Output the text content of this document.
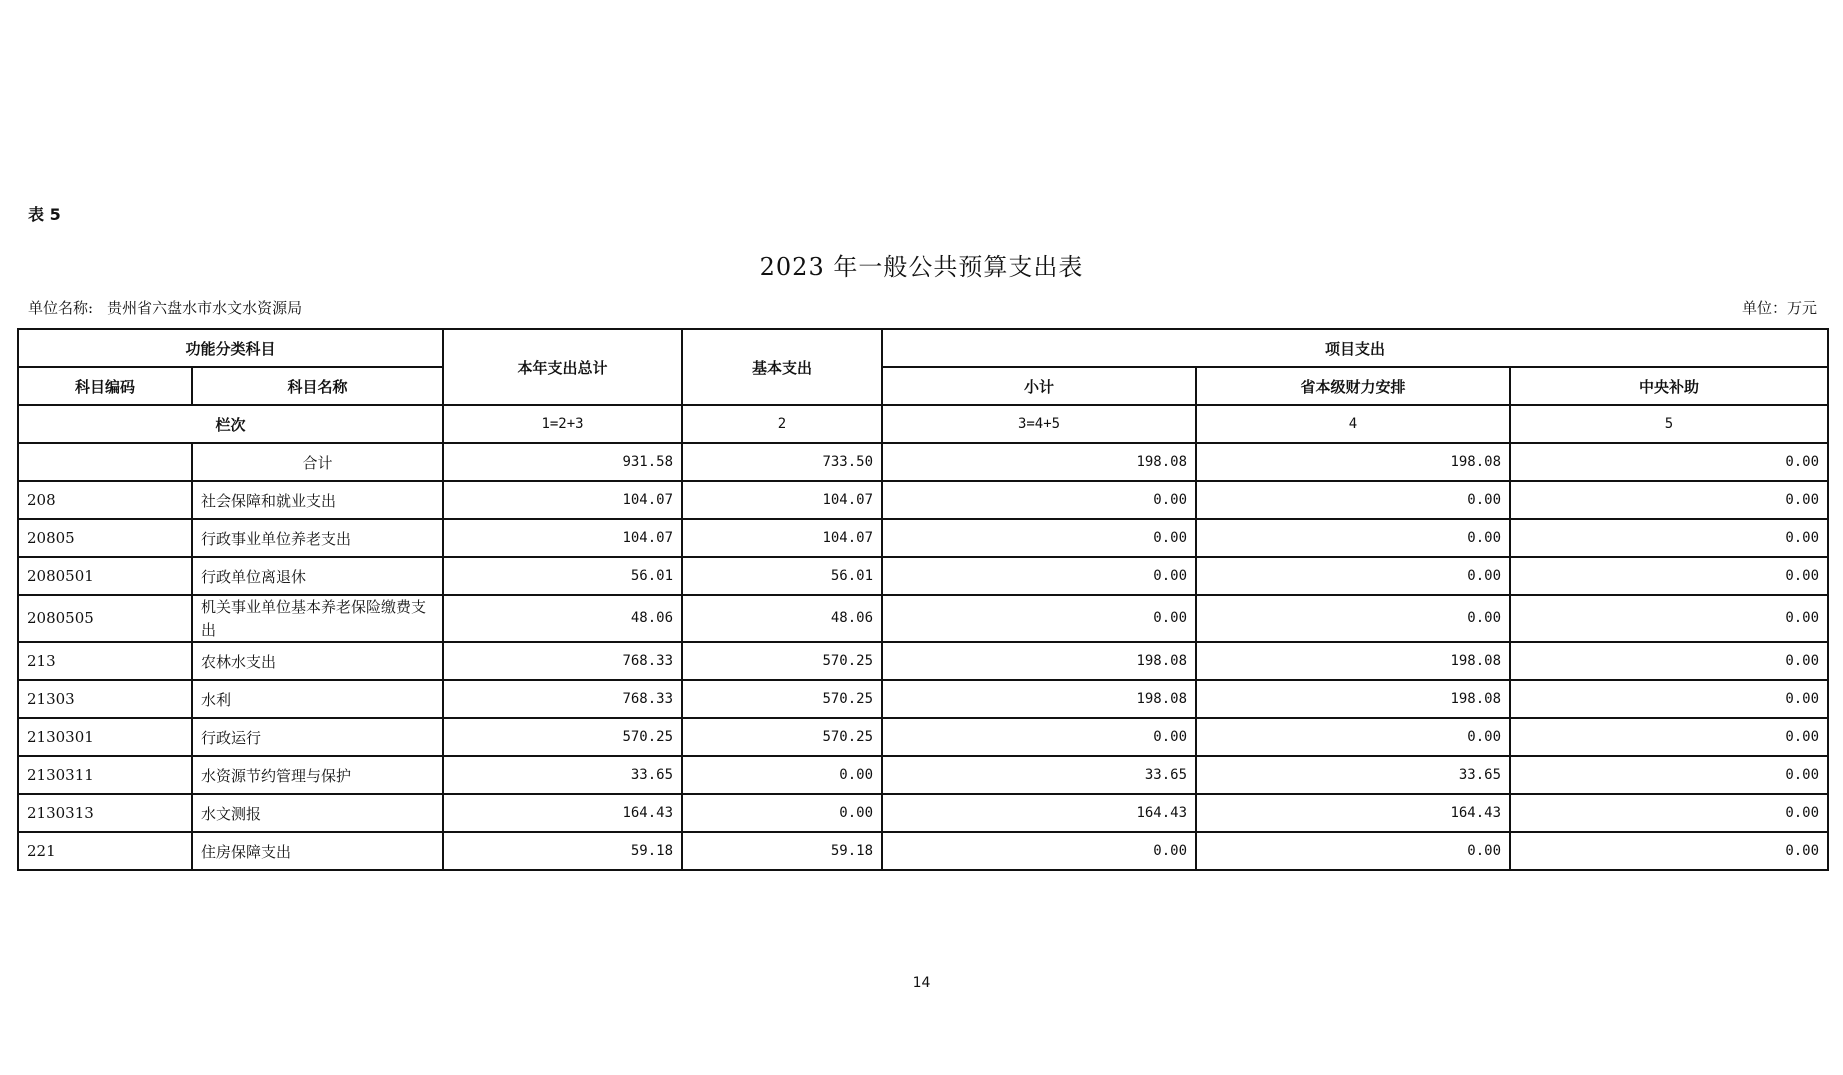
表 5
2023 年一般公共预算支出表
单位名称: 贵州省六盘水市水文水资源局	单位：万元
功能分类科目		本年支出总计	基本支出	项目支出		
科目编码	科目名称			小计	省本级财力安排	中央补助
栏次		1=2+3	2	3=4+5	4	5
	合计	931.58	733.50	198.08	198.08	0.00
208	社会保障和就业支出	104.07	104.07	0.00	0.00	0.00
20805	行政事业单位养老支出	104.07	104.07	0.00	0.00	0.00
2080501	行政单位离退休	56.01	56.01	0.00	0.00	0.00
2080505	机关事业单位基本养老保险缴费支出	48.06	48.06	0.00	0.00	0.00
213	农林水支出	768.33	570.25	198.08	198.08	0.00
21303	水利	768.33	570.25	198.08	198.08	0.00
2130301	行政运行	570.25	570.25	0.00	0.00	0.00
2130311	水资源节约管理与保护	33.65	0.00	33.65	33.65	0.00
2130313	水文测报	164.43	0.00	164.43	164.43	0.00
221	住房保障支出	59.18	59.18	0.00	0.00	0.00
14
